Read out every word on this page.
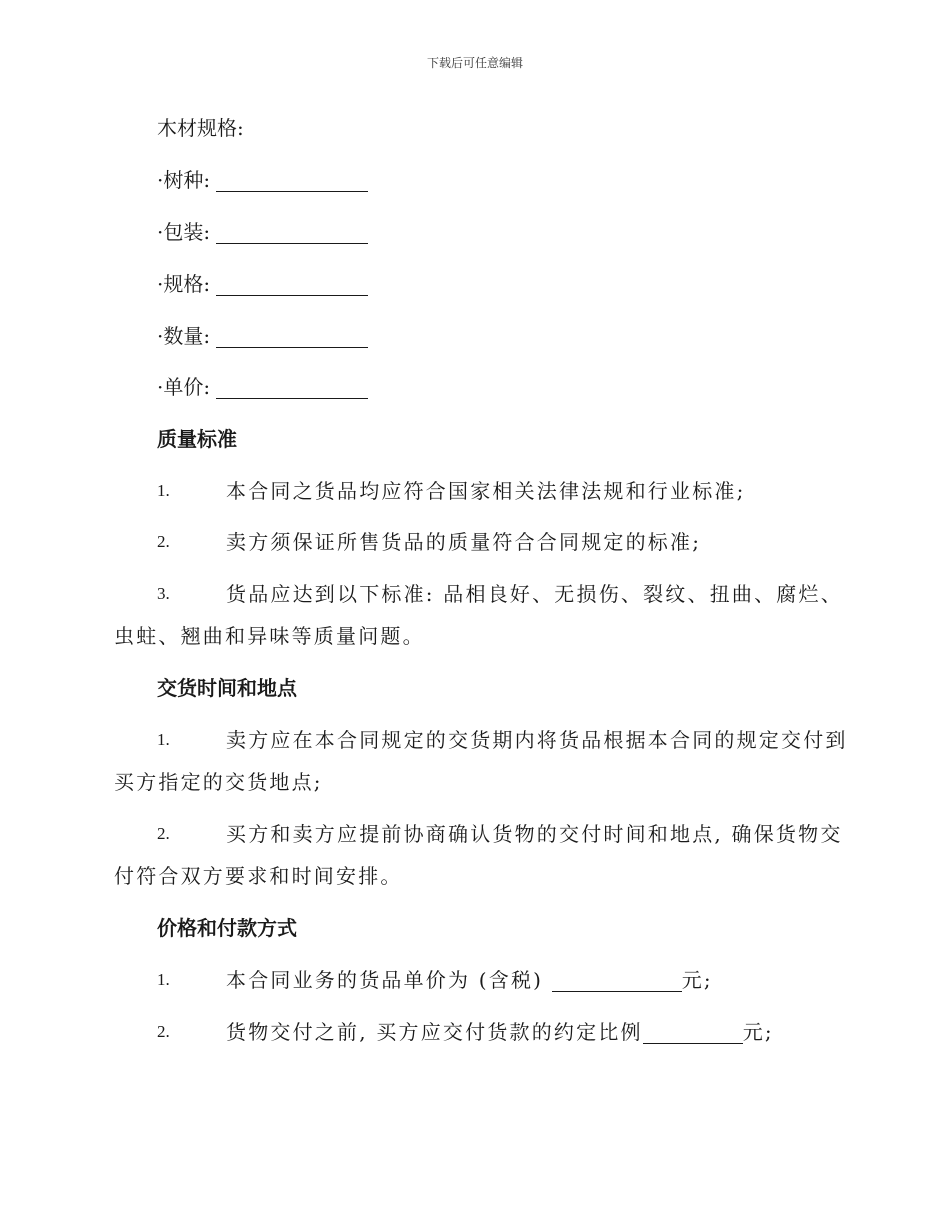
下载后可任意编辑
木材规格:
·树种:
·包装:
·规格:
·数量:
·单价:
质量标准
1.	本合同之货品均应符合国家相关法律法规和行业标准;
2.	卖方须保证所售货品的质量符合合同规定的标准;
3.	货品应达到以下标准: 品相良好、无损伤、裂纹、扭曲、腐烂、
虫蛀、翘曲和异味等质量问题。
交货时间和地点
1.	卖方应在本合同规定的交货期内将货品根据本合同的规定交付到
买方指定的交货地点;
2.	买方和卖方应提前协商确认货物的交付时间和地点, 确保货物交
付符合双方要求和时间安排。
价格和付款方式
1.	本合同业务的货品单价为 (含税)	元;
2.	货物交付之前, 买方应交付货款的约定比例	元;
